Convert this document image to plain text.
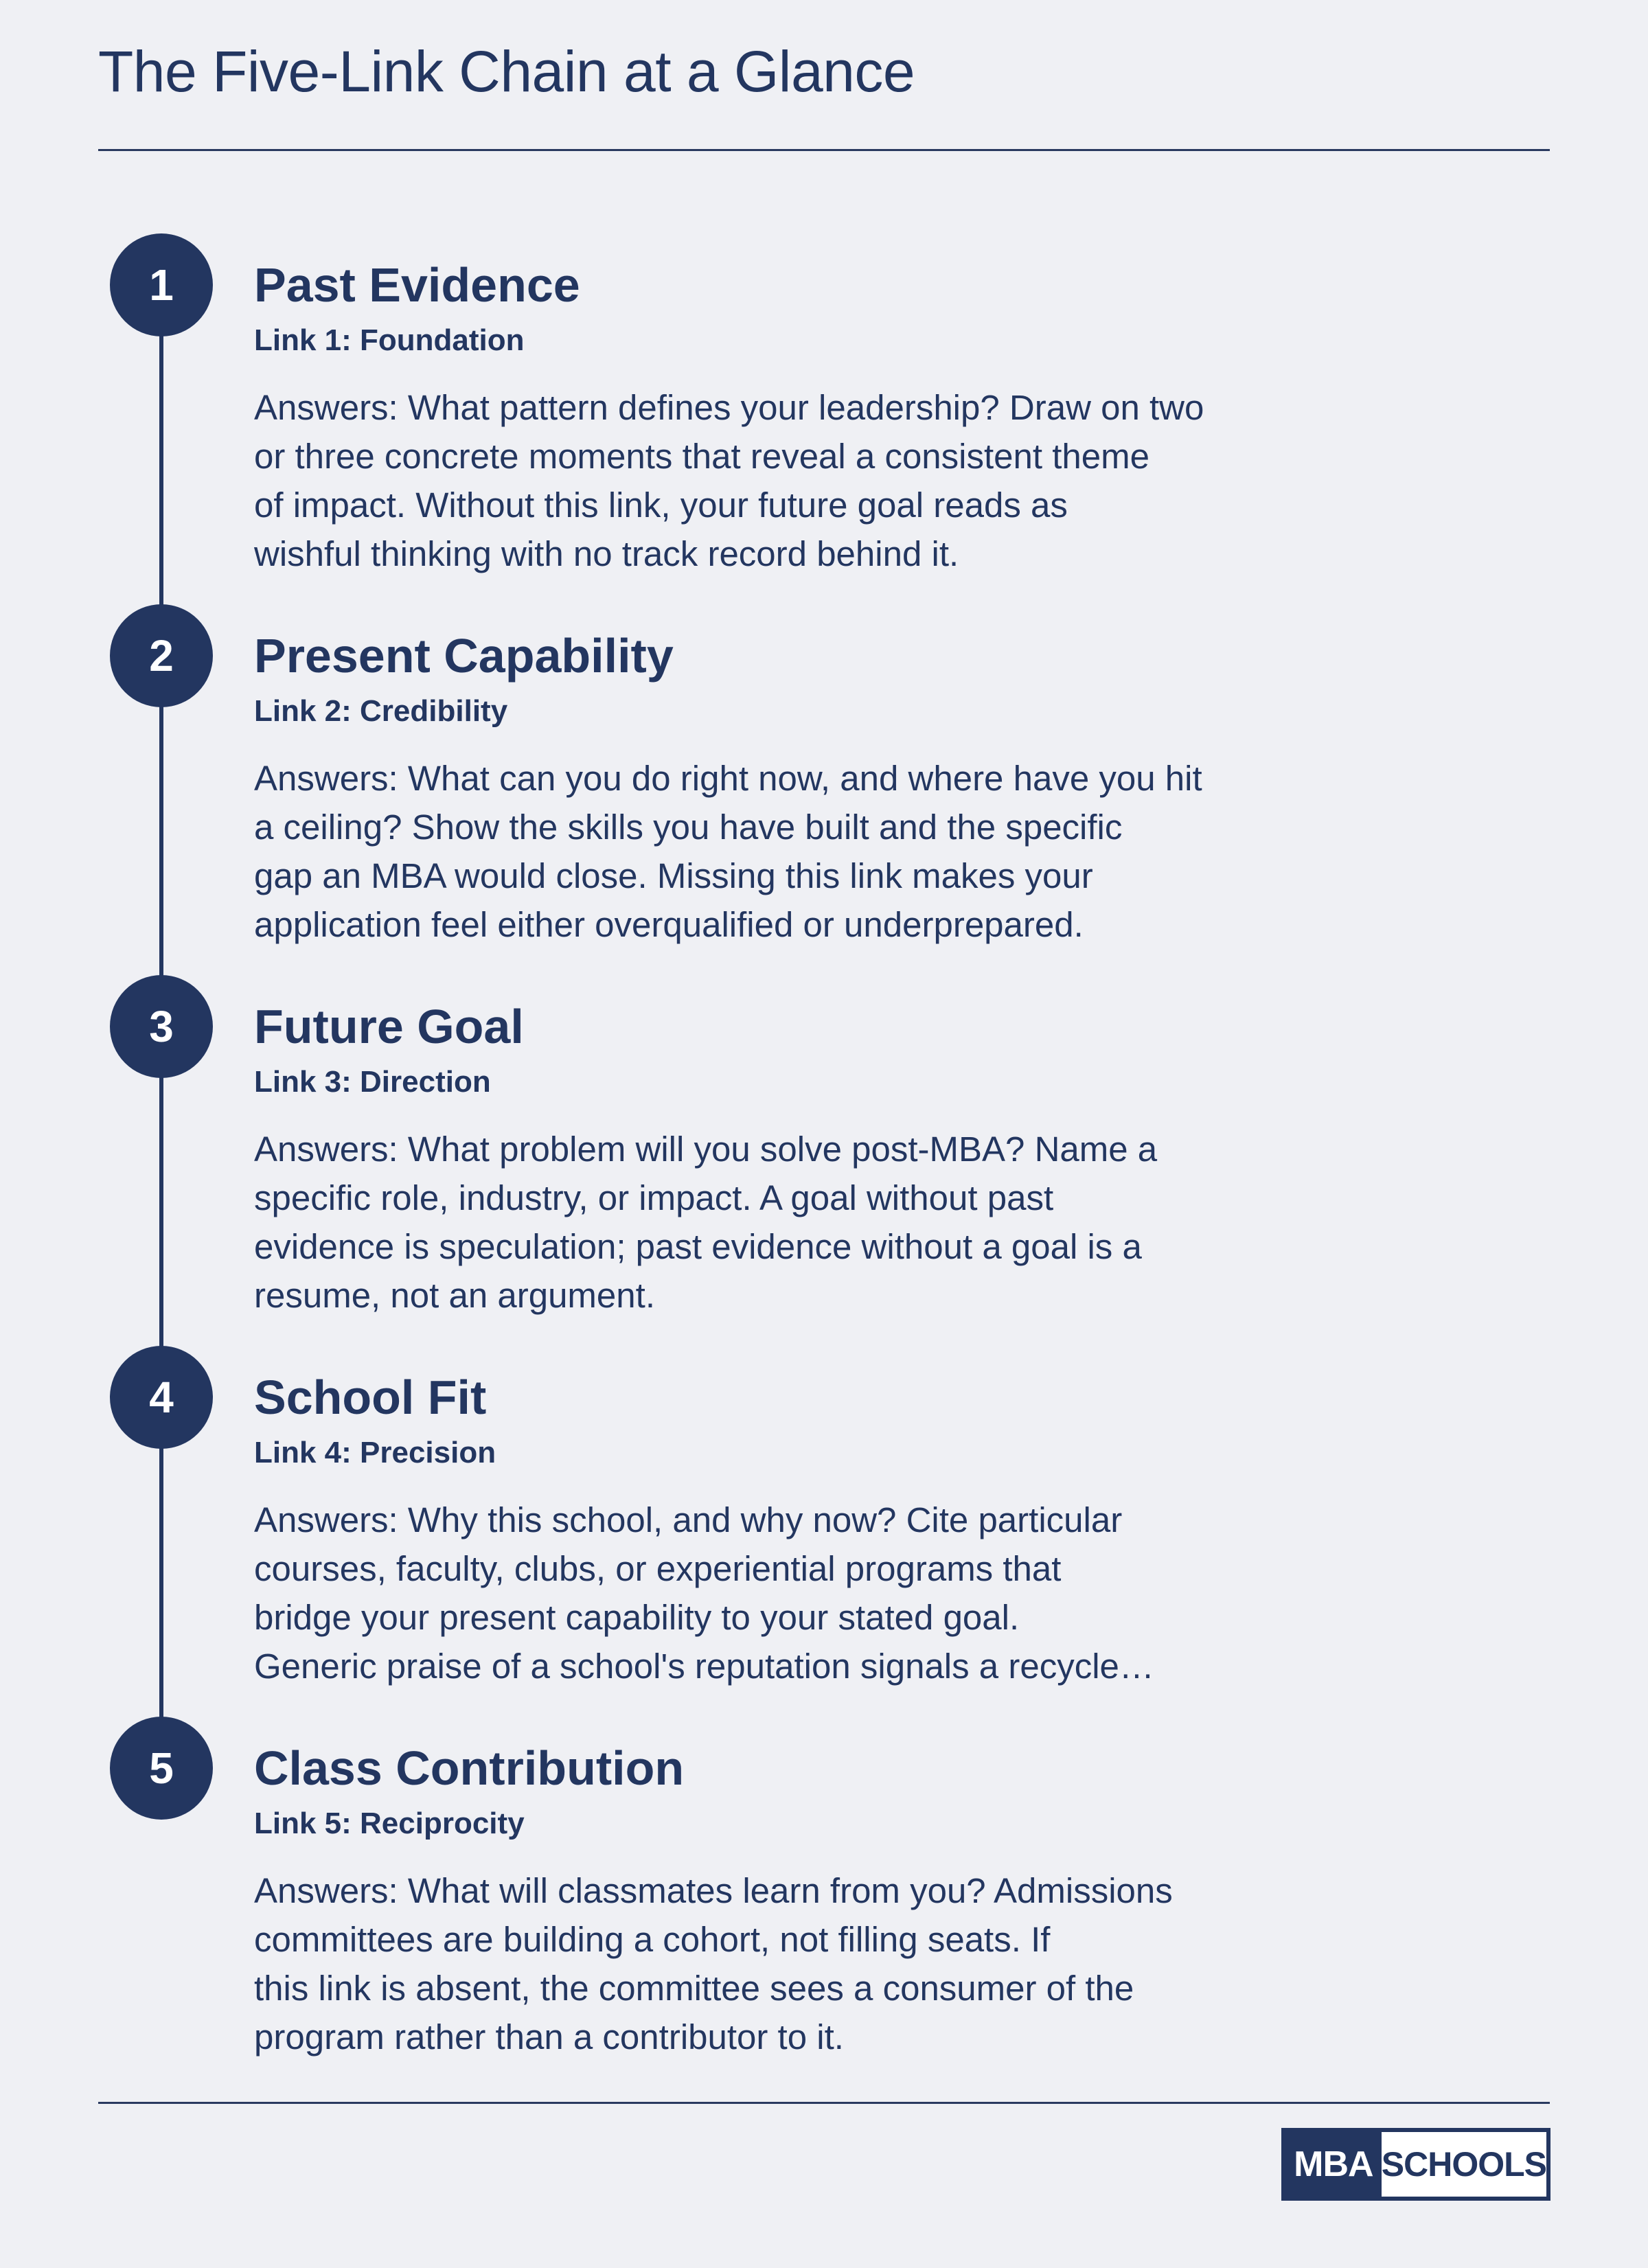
The Five-Link Chain at a Glance
1	Past Evidence
Link 1: Foundation
Answers: What pattern defines your leadership? Draw on two
or three concrete moments that reveal a consistent theme
of impact. Without this link, your future goal reads as
wishful thinking with no track record behind it.
2	Present Capability
Link 2: Credibility
Answers: What can you do right now, and where have you hit
a ceiling? Show the skills you have built and the specific
gap an MBA would close. Missing this link makes your
application feel either overqualified or underprepared.
3	Future Goal
Link 3: Direction
Answers: What problem will you solve post-MBA? Name a
specific role, industry, or impact. A goal without past
evidence is speculation; past evidence without a goal is a
resume, not an argument.
4	School Fit
Link 4: Precision
Answers: Why this school, and why now? Cite particular
courses, faculty, clubs, or experiential programs that
bridge your present capability to your stated goal.
Generic praise of a school's reputation signals a recycle…
5	Class Contribution
Link 5: Reciprocity
Answers: What will classmates learn from you? Admissions
committees are building a cohort, not filling seats. If
this link is absent, the committee sees a consumer of the
program rather than a contributor to it.
MBA SCHOOLS
